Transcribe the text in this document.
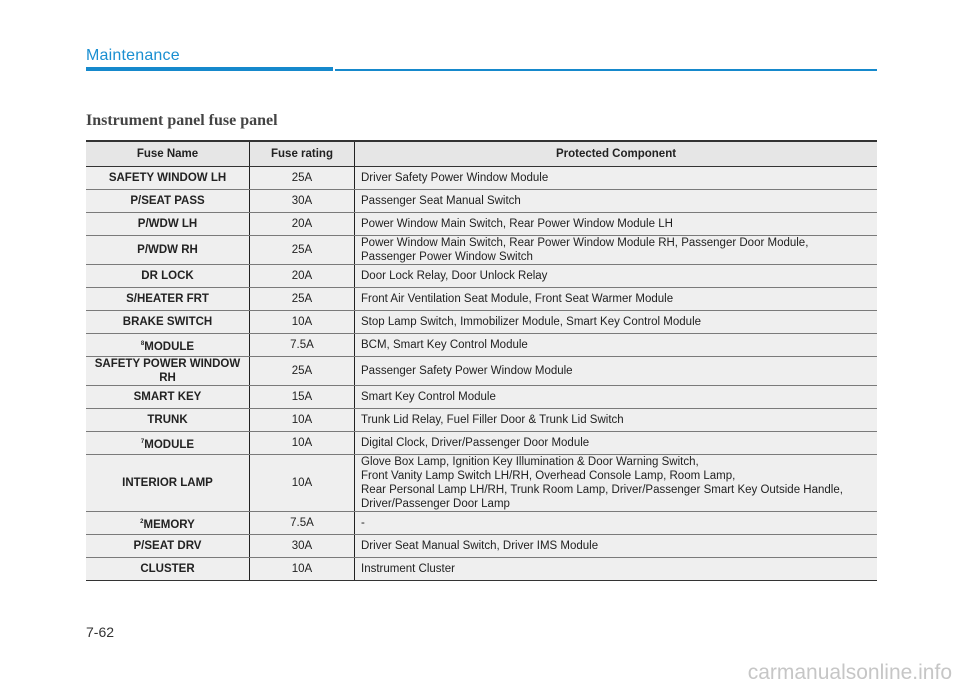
Maintenance
Instrument panel fuse panel
Fuse Name	Fuse rating	Protected Component
SAFETY WINDOW LH	25A	Driver Safety Power Window Module
P/SEAT PASS	30A	Passenger Seat Manual Switch
P/WDW LH	20A	Power Window Main Switch, Rear Power Window Module LH
P/WDW RH	25A	Power Window Main Switch, Rear Power Window Module RH, Passenger Door Module,
Passenger Power Window Switch
DR LOCK	20A	Door Lock Relay, Door Unlock Relay
S/HEATER FRT	25A	Front Air Ventilation Seat Module, Front Seat Warmer Module
BRAKE SWITCH	10A	Stop Lamp Switch, Immobilizer Module, Smart Key Control Module
$^8$MODULE	7.5A	BCM, Smart Key Control Module
SAFETY POWER WINDOW
RH	25A	Passenger Safety Power Window Module
SMART KEY	15A	Smart Key Control Module
TRUNK	10A	Trunk Lid Relay, Fuel Filler Door & Trunk Lid Switch
$^7$MODULE	10A	Digital Clock, Driver/Passenger Door Module
INTERIOR LAMP	10A	Glove Box Lamp, Ignition Key Illumination & Door Warning Switch,
Front Vanity Lamp Switch LH/RH, Overhead Console Lamp, Room Lamp,
Rear Personal Lamp LH/RH, Trunk Room Lamp, Driver/Passenger Smart Key Outside Handle,
Driver/Passenger Door Lamp
$^2$MEMORY	7.5A	-
P/SEAT DRV	30A	Driver Seat Manual Switch, Driver IMS Module
CLUSTER	10A	Instrument Cluster
7-62
carmanualsonline.info
